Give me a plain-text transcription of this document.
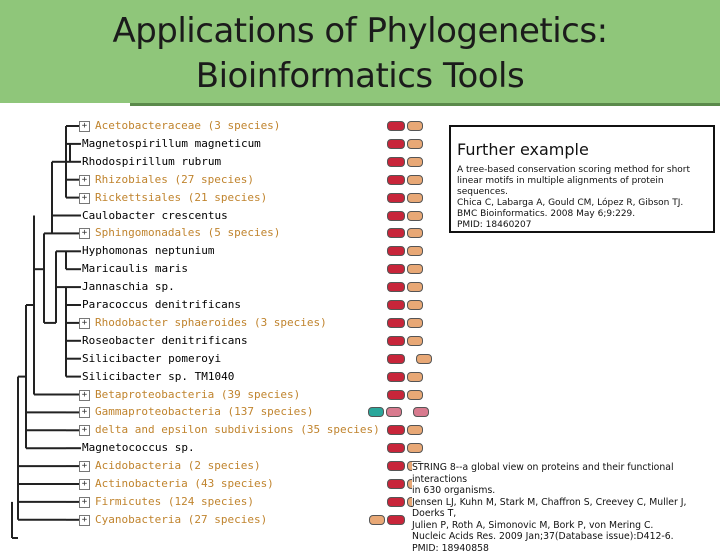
Applications of Phylogenetics:
Bioinformatics Tools
+ Acetobacteraceae (3 species)
Magnetospirillum magneticum
Rhodospirillum rubrum
+ Rhizobiales (27 species)
+ Rickettsiales (21 species)
Caulobacter crescentus
+ Sphingomonadales (5 species)
Hyphomonas neptunium
Maricaulis maris
Jannaschia sp.
Paracoccus denitrificans
+ Rhodobacter sphaeroides (3 species)
Roseobacter denitrificans
Silicibacter pomeroyi
Silicibacter sp. TM1040
+ Betaproteobacteria (39 species)
+ Gammaproteobacteria (137 species)
+ delta and epsilon subdivisions (35 species)
Magnetococcus sp.
+ Acidobacteria (2 species)
+ Actinobacteria (43 species)
+ Firmicutes (124 species)
+ Cyanobacteria (27 species)
Further example

A tree-based conservation scoring method for short

linear motifs in multiple alignments of protein sequences.

Chica C, Labarga A, Gould CM, López R, Gibson TJ.

BMC Bioinformatics. 2008 May 6;9:229.

PMID: 18460207

STRING 8--a global view on proteins and their functional interactions

in 630 organisms.

Jensen LJ, Kuhn M, Stark M, Chaffron S, Creevey C, Muller J, Doerks T,

Julien P, Roth A, Simonovic M, Bork P, von Mering C.

Nucleic Acids Res. 2009 Jan;37(Database issue):D412-6.

PMID: 18940858
